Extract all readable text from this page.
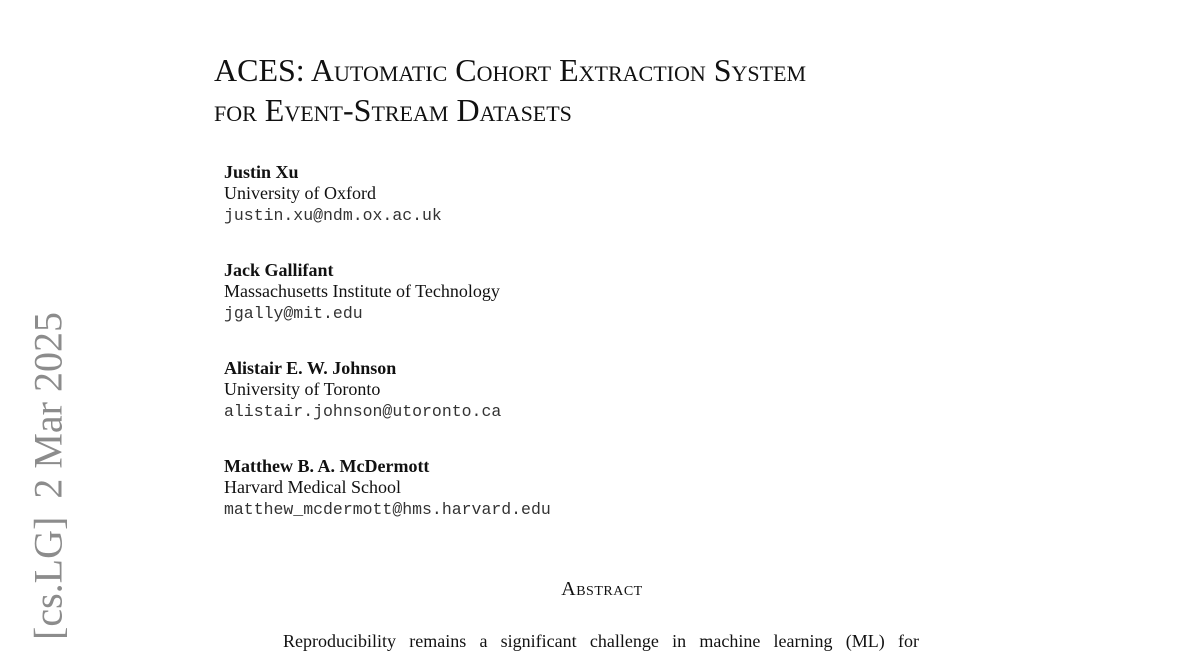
[cs.LG]2 Mar 2025
ACES: Automatic Cohort Extraction System
for Event-Stream Datasets
Justin Xu
University of Oxford
justin.xu@ndm.ox.ac.uk
Jack Gallifant
Massachusetts Institute of Technology
jgally@mit.edu
Alistair E. W. Johnson
University of Toronto
alistair.johnson@utoronto.ca
Matthew B. A. McDermott
Harvard Medical School
matthew_mcdermott@hms.harvard.edu
Abstract
Reproducibility remains a significant challenge in machine learning (ML) for
